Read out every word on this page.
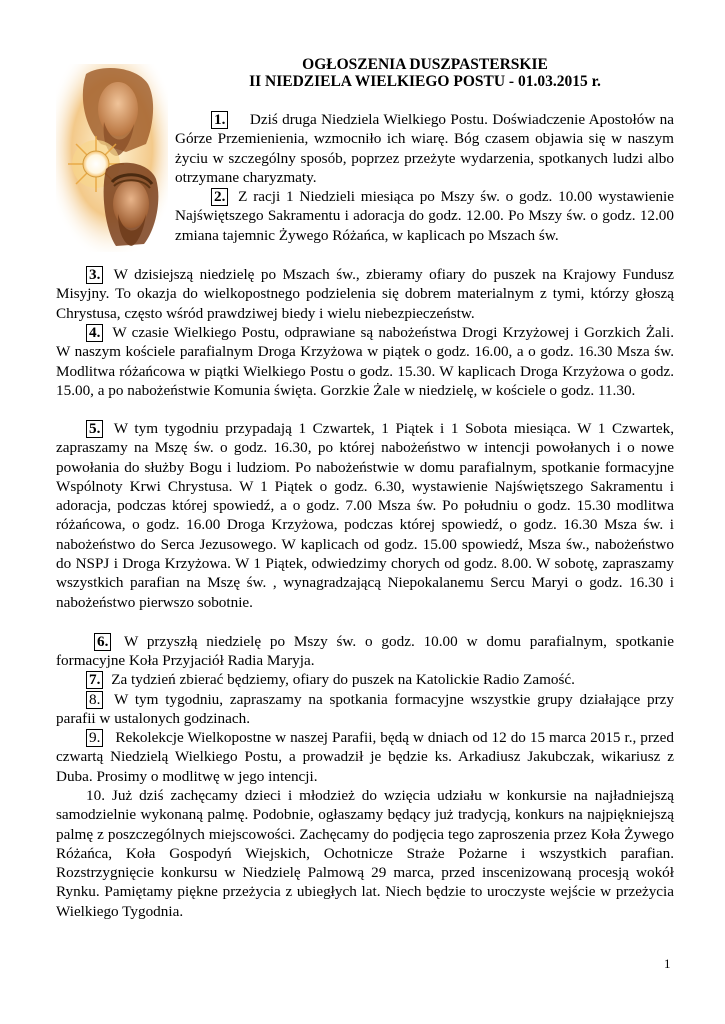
OGŁOSZENIA DUSZPASTERSKIE
II NIEDZIELA WIELKIEGO POSTU - 01.03.2015 r.

1. Dziś druga Niedziela Wielkiego Postu. Doświadczenie Apostołów na Górze Przemienienia, wzmocniło ich wiarę. Bóg czasem objawia się w naszym życiu w szczególny sposób, poprzez przeżyte wydarzenia, spotkanych ludzi albo otrzymane charyzmaty.

2. Z racji 1 Niedzieli miesiąca po Mszy św. o godz. 10.00 wystawienie Najświętszego Sakramentu i adoracja do godz. 12.00. Po Mszy św. o godz. 12.00 zmiana tajemnic Żywego Różańca, w kaplicach po Mszach św.

3. W dzisiejszą niedzielę po Mszach św., zbieramy ofiary do puszek na Krajowy Fundusz Misyjny. To okazja do wielkopostnego podzielenia się dobrem materialnym z tymi, którzy głoszą Chrystusa, często wśród prawdziwej biedy i wielu niebezpieczeństw.

4. W czasie Wielkiego Postu, odprawiane są nabożeństwa Drogi Krzyżowej i Gorzkich Żali. W naszym kościele parafialnym Droga Krzyżowa w piątek o godz. 16.00, a o godz. 16.30 Msza św. Modlitwa różańcowa w piątki Wielkiego Postu o godz. 15.30. W kaplicach Droga Krzyżowa o godz. 15.00, a po nabożeństwie Komunia święta. Gorzkie Żale w niedzielę, w kościele o godz. 11.30.

5. W tym tygodniu przypadają 1 Czwartek, 1 Piątek i 1 Sobota miesiąca. W 1 Czwartek, zapraszamy na Mszę św. o godz. 16.30, po której nabożeństwo w intencji powołanych i o nowe powołania do służby Bogu i ludziom. Po nabożeństwie w domu parafialnym, spotkanie formacyjne Wspólnoty Krwi Chrystusa. W 1 Piątek o godz. 6.30, wystawienie Najświętszego Sakramentu i adoracja, podczas której spowiedź, a o godz. 7.00 Msza św. Po południu o godz. 15.30 modlitwa różańcowa, o godz. 16.00 Droga Krzyżowa, podczas której spowiedź, o godz. 16.30 Msza św. i nabożeństwo do Serca Jezusowego. W kaplicach od godz. 15.00 spowiedź, Msza św., nabożeństwo do NSPJ i Droga Krzyżowa. W 1 Piątek, odwiedzimy chorych od godz. 8.00. W sobotę, zapraszamy wszystkich parafian na Mszę św. , wynagradzającą Niepokalanemu Sercu Maryi o godz. 16.30 i nabożeństwo pierwszo sobotnie.

6. W przyszłą niedzielę po Mszy św. o godz. 10.00 w domu parafialnym, spotkanie formacyjne Koła Przyjaciół Radia Maryja.

7. Za tydzień zbierać będziemy, ofiary do puszek na Katolickie Radio Zamość.

8. W tym tygodniu, zapraszamy na spotkania formacyjne wszystkie grupy działające przy parafii w ustalonych godzinach.

9. Rekolekcje Wielkopostne w naszej Parafii, będą w dniach od 12 do 15 marca 2015 r., przed czwartą Niedzielą Wielkiego Postu, a prowadził je będzie ks. Arkadiusz Jakubczak, wikariusz z Duba. Prosimy o modlitwę w jego intencji.

10. Już dziś zachęcamy dzieci i młodzież do wzięcia udziału w konkursie na najładniejszą samodzielnie wykonaną palmę. Podobnie, ogłaszamy będący już tradycją, konkurs na najpiękniejszą palmę z poszczególnych miejscowości. Zachęcamy do podjęcia tego zaproszenia przez Koła Żywego Różańca, Koła Gospodyń Wiejskich, Ochotnicze Straże Pożarne i wszystkich parafian. Rozstrzygnięcie konkursu w Niedzielę Palmową 29 marca, przed inscenizowaną procesją wokół Rynku. Pamiętamy piękne przeżycia z ubiegłych lat. Niech będzie to uroczyste wejście w przeżycia Wielkiego Tygodnia.

1
